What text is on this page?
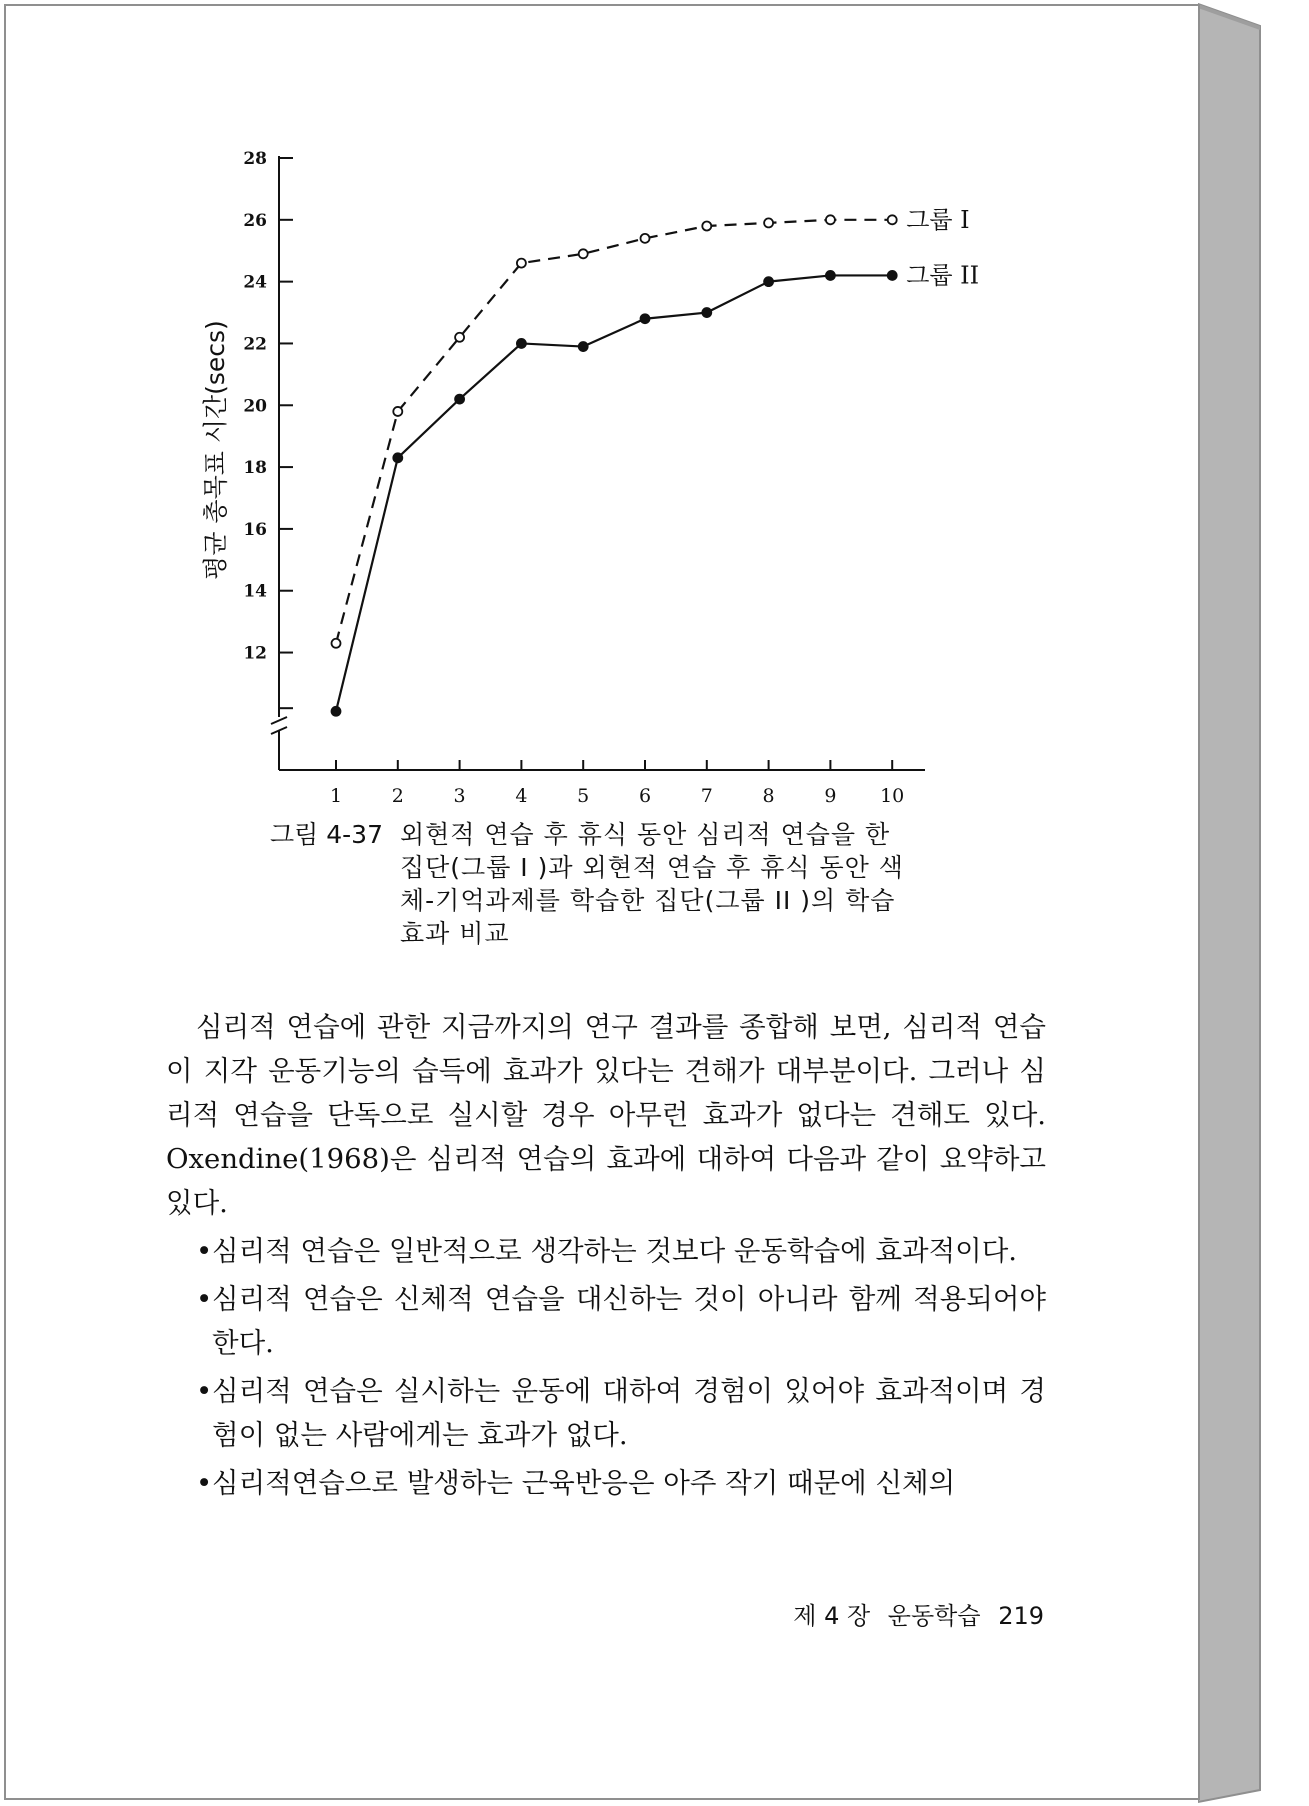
12
14
16
18
20
22
24
26
28
1	2	3	4	5	6	7	8	9 10
그룹 I
그룹 II
평균 총목표 시간(secs)
그림 4-37 외현적 연습 후 휴식 동안 심리적 연습을 한 집단(그룹 I )과 외현적 연습 후 휴식 동안 색체-기억과제를 학습한 집단(그룹 II )의 학습효과 비교

심리적 연습에 관한 지금까지의 연구 결과를 종합해 보면, 심리적 연습이 지각 운동기능의 습득에 효과가 있다는 견해가 대부분이다. 그러나 심리적 연습을 단독으로 실시할 경우 아무런 효과가 없다는 견해도 있다. Oxendine(1968)은 심리적 연습의 효과에 대하여 다음과 같이 요약하고 있다.

• 심리적 연습은 일반적으로 생각하는 것보다 운동학습에 효과적이다.
• 심리적 연습은 신체적 연습을 대신하는 것이 아니라 함께 적용되어야 한다.
• 심리적 연습은 실시하는 운동에 대하여 경험이 있어야 효과적이며 경험이 없는 사람에게는 효과가 없다.
• 심리적연습으로 발생하는 근육반응은 아주 작기 때문에 신체의
제 4 장 운동학습 219
